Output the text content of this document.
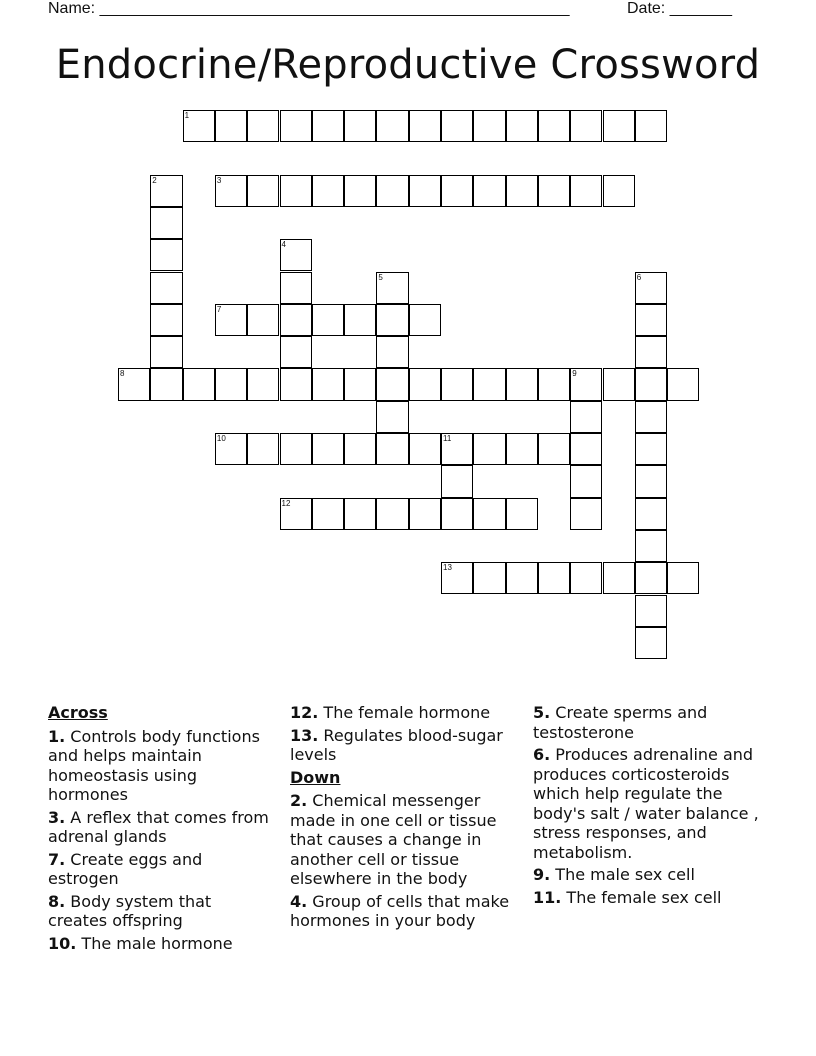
Name: ______________________________________________________	Date: _______
Endocrine/Reproductive Crossword
1
2	3
4
5	6
7
8	9
10	11
12
13
Across
1. Controls body functions and helps maintain homeostasis using hormones
3. A reflex that comes from adrenal glands
7. Create eggs and estrogen
8. Body system that creates offspring
10. The male hormone
12. The female hormone
13. Regulates blood-sugar levels
Down
2. Chemical messenger made in one cell or tissue that causes a change in another cell or tissue elsewhere in the body
4. Group of cells that make hormones in your body
5. Create sperms and testosterone
6. Produces adrenaline and produces corticosteroids which help regulate the body's salt / water balance , stress responses, and metabolism.
9. The male sex cell
11. The female sex cell
